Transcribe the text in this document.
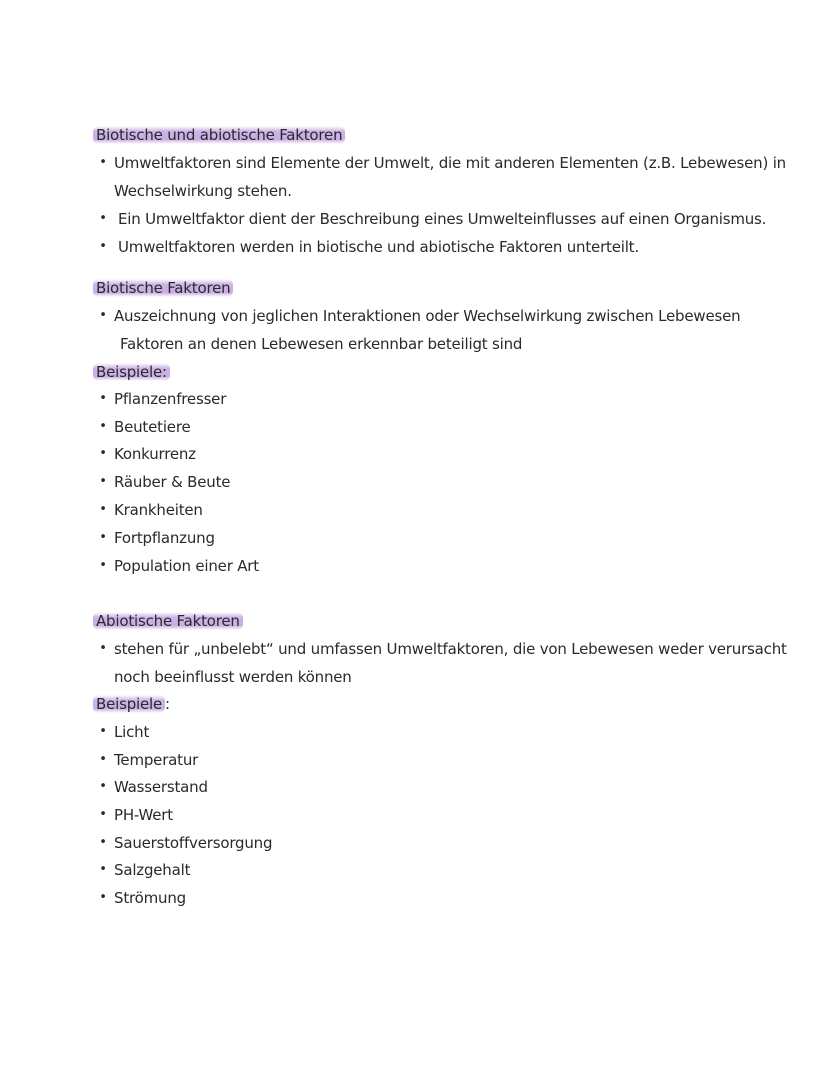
Biotische und abiotische Faktoren
• Umweltfaktoren sind Elemente der Umwelt, die mit anderen Elementen (z.B. Lebewesen) in
Wechselwirkung stehen.
• Ein Umweltfaktor dient der Beschreibung eines Umwelteinflusses auf einen Organismus.
• Umweltfaktoren werden in biotische und abiotische Faktoren unterteilt.
Biotische Faktoren
• Auszeichnung von jeglichen Interaktionen oder Wechselwirkung zwischen Lebewesen
Faktoren an denen Lebewesen erkennbar beteiligt sind
Beispiele:
• Pflanzenfresser
• Beutetiere
• Konkurrenz
• Räuber & Beute
• Krankheiten
• Fortpflanzung
• Population einer Art
Abiotische Faktoren
• stehen für „unbelebt“ und umfassen Umweltfaktoren, die von Lebewesen weder verursacht
noch beeinflusst werden können
Beispiele :
• Licht
• Temperatur
• Wasserstand
• PH-Wert
• Sauerstoffversorgung
• Salzgehalt
• Strömung
